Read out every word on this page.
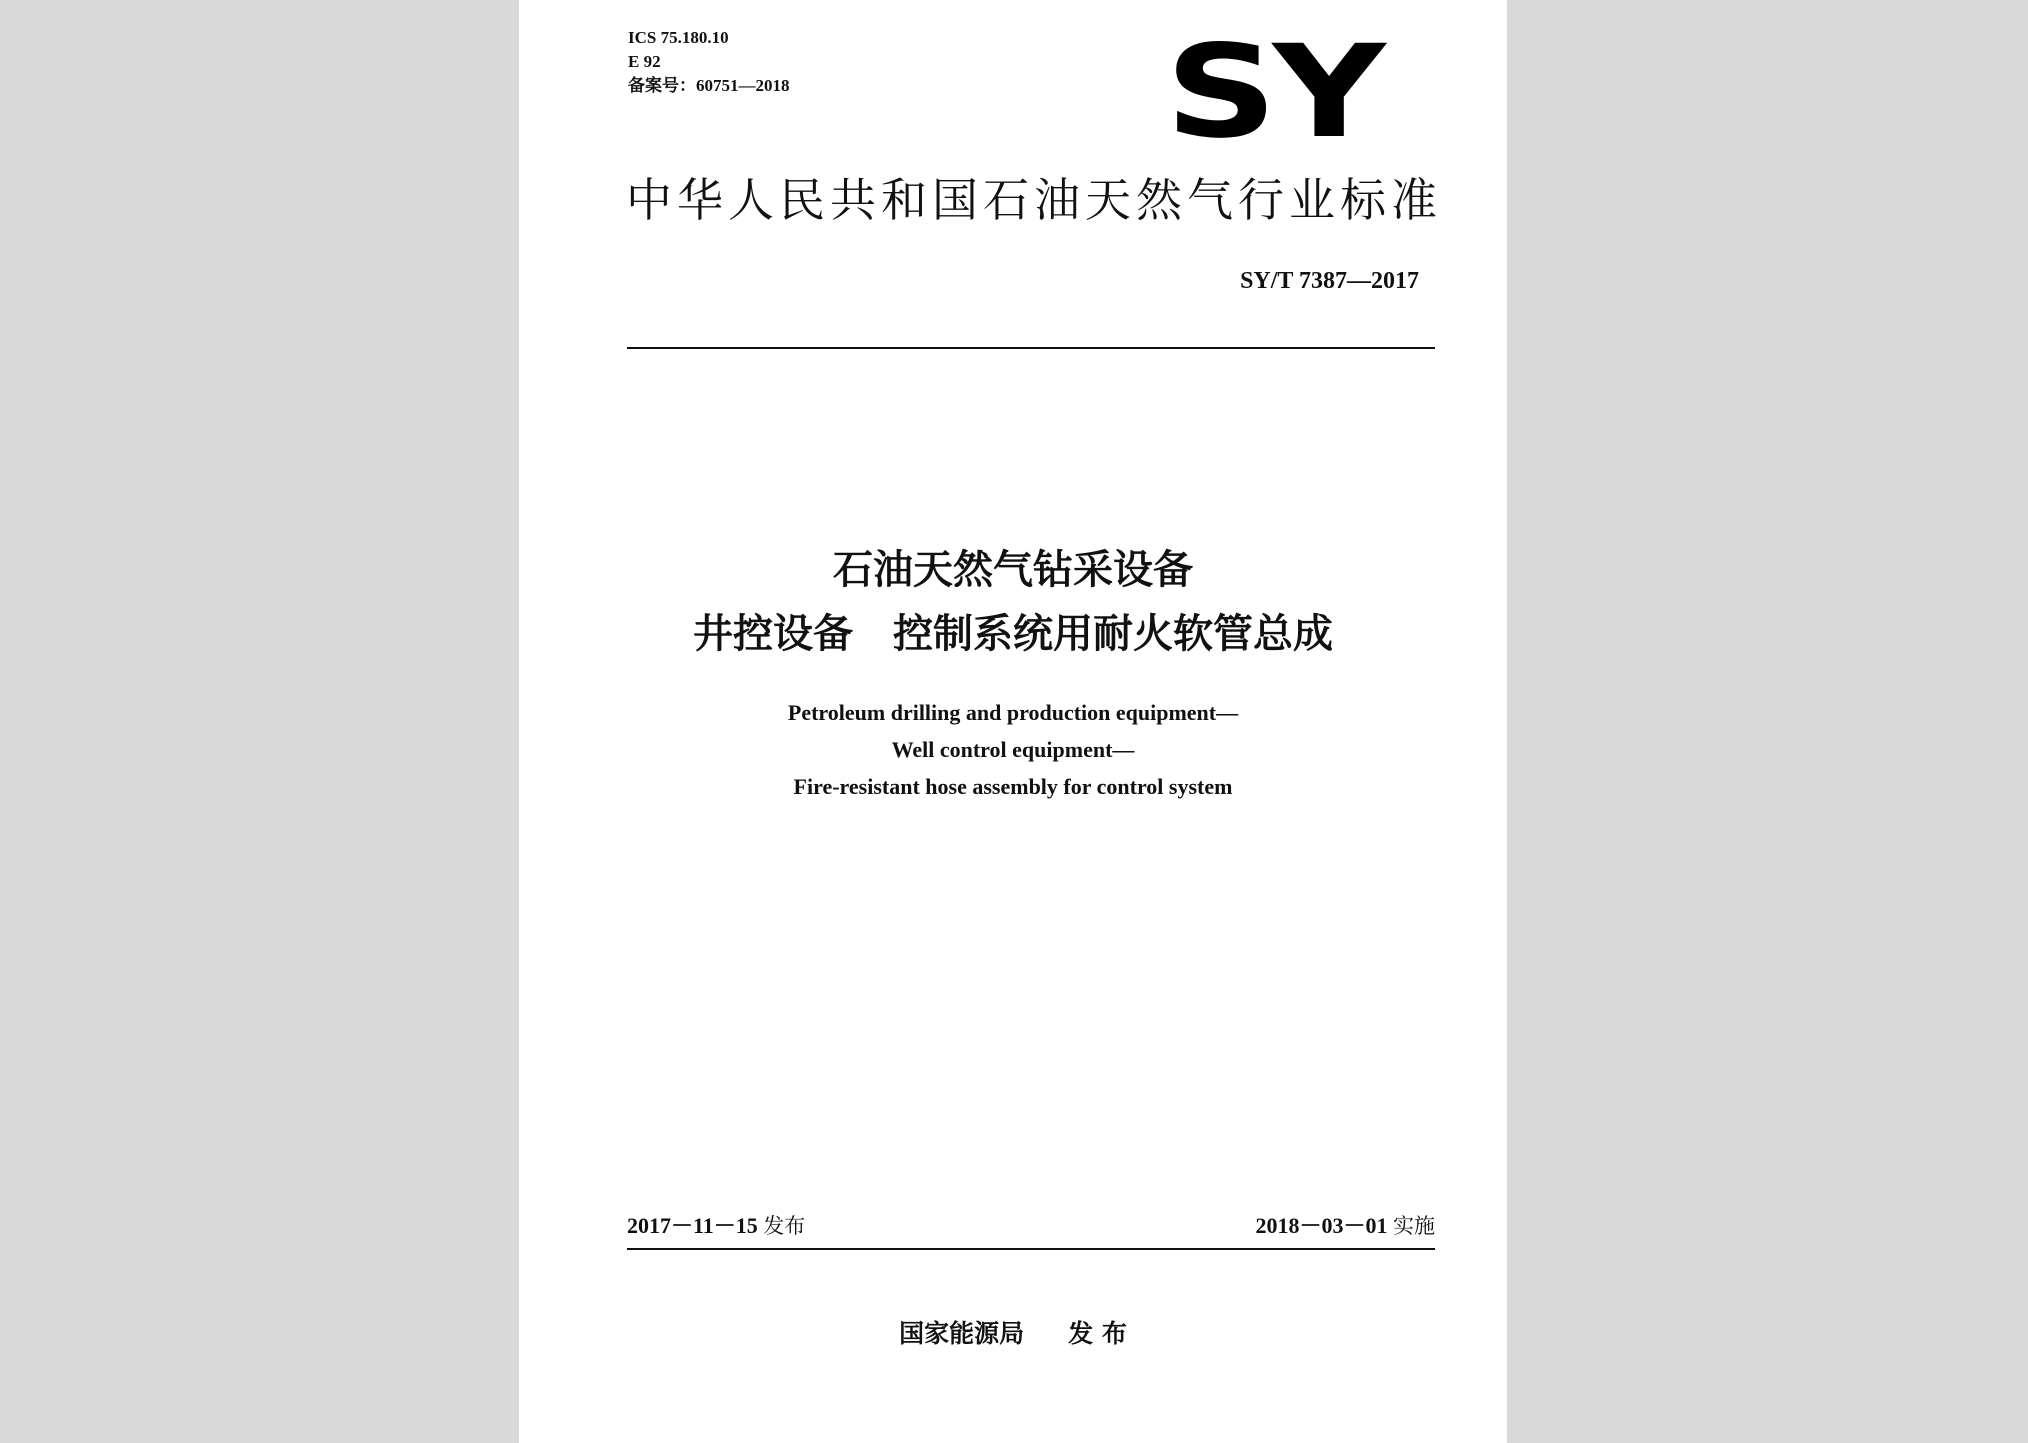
ICS 75.180.10
E 92
备案号：60751—2018	SY
中华人民共和国石油天然气行业标准
SY/T 7387—2017
石油天然气钻采设备
井控设备　控制系统用耐火软管总成
Petroleum drilling and production equipment—
Well control equipment—
Fire-resistant hose assembly for control system
2017－11－15 发布	2018－03－01 实施
国家能源局 发 布
